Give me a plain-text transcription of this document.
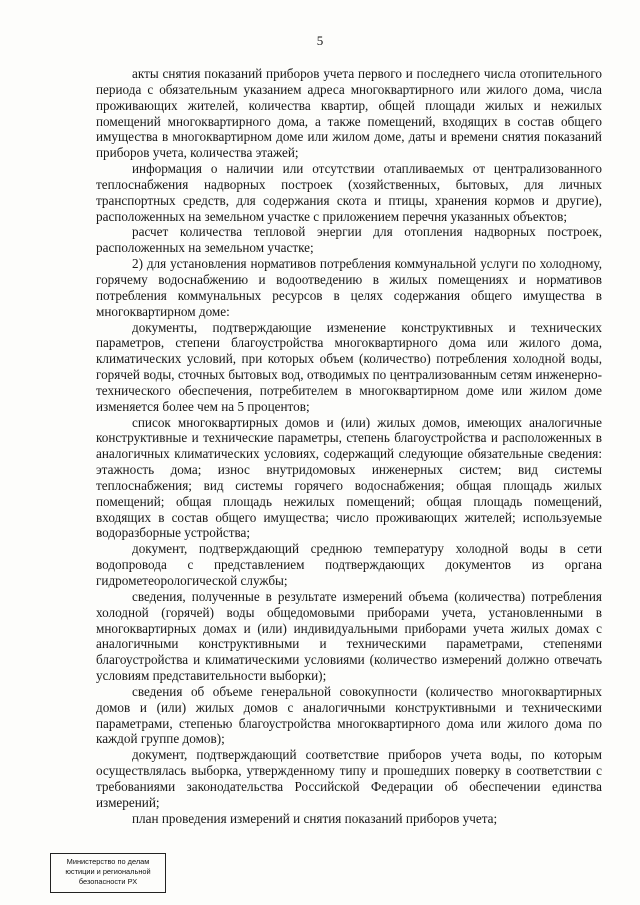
5

акты снятия показаний приборов учета первого и последнего числа отопительного периода с обязательным указанием адреса многоквартирного или жилого дома, числа проживающих жителей, количества квартир, общей площади жилых и нежилых помещений многоквартирного дома, а также помещений, входящих в состав общего имущества в многоквартирном доме или жилом доме, даты и времени снятия показаний приборов учета, количества этажей;

информация о наличии или отсутствии отапливаемых от централизованного теплоснабжения надворных построек (хозяйственных, бытовых, для личных транспортных средств, для содержания скота и птицы, хранения кормов и другие), расположенных на земельном участке с приложением перечня указанных объектов;

расчет количества тепловой энергии для отопления надворных построек, расположенных на земельном участке;

2) для установления нормативов потребления коммунальной услуги по холодному, горячему водоснабжению и водоотведению в жилых помещениях и нормативов потребления коммунальных ресурсов в целях содержания общего имущества в многоквартирном доме:

документы, подтверждающие изменение конструктивных и технических параметров, степени благоустройства многоквартирного дома или жилого дома, климатических условий, при которых объем (количество) потребления холодной воды, горячей воды, сточных бытовых вод, отводимых по централизованным сетям инженерно-технического обеспечения, потребителем в многоквартирном доме или жилом доме изменяется более чем на 5 процентов;

список многоквартирных домов и (или) жилых домов, имеющих аналогичные конструктивные и технические параметры, степень благоустройства и расположенных в аналогичных климатических условиях, содержащий следующие обязательные сведения: этажность дома; износ внутридомовых инженерных систем; вид системы теплоснабжения; вид системы горячего водоснабжения; общая площадь жилых помещений; общая площадь нежилых помещений; общая площадь помещений, входящих в состав общего имущества; число проживающих жителей; используемые водоразборные устройства;

документ, подтверждающий среднюю температуру холодной воды в сети водопровода с представлением подтверждающих документов из органа гидрометеорологической службы;

сведения, полученные в результате измерений объема (количества) потребления холодной (горячей) воды общедомовыми приборами учета, установленными в многоквартирных домах и (или) индивидуальными приборами учета жилых домах с аналогичными конструктивными и техническими параметрами, степенями благоустройства и климатическими условиями (количество измерений должно отвечать условиям представительности выборки);

сведения об объеме генеральной совокупности (количество многоквартирных домов и (или) жилых домов с аналогичными конструктивными и техническими параметрами, степенью благоустройства многоквартирного дома или жилого дома по каждой группе домов);

документ, подтверждающий соответствие приборов учета воды, по которым осуществлялась выборка, утвержденному типу и прошедших поверку в соответствии с требованиями законодательства Российской Федерации об обеспечении единства измерений;

план проведения измерений и снятия показаний приборов учета;

Министерство по делам
юстиции и региональной
безопасности РХ
